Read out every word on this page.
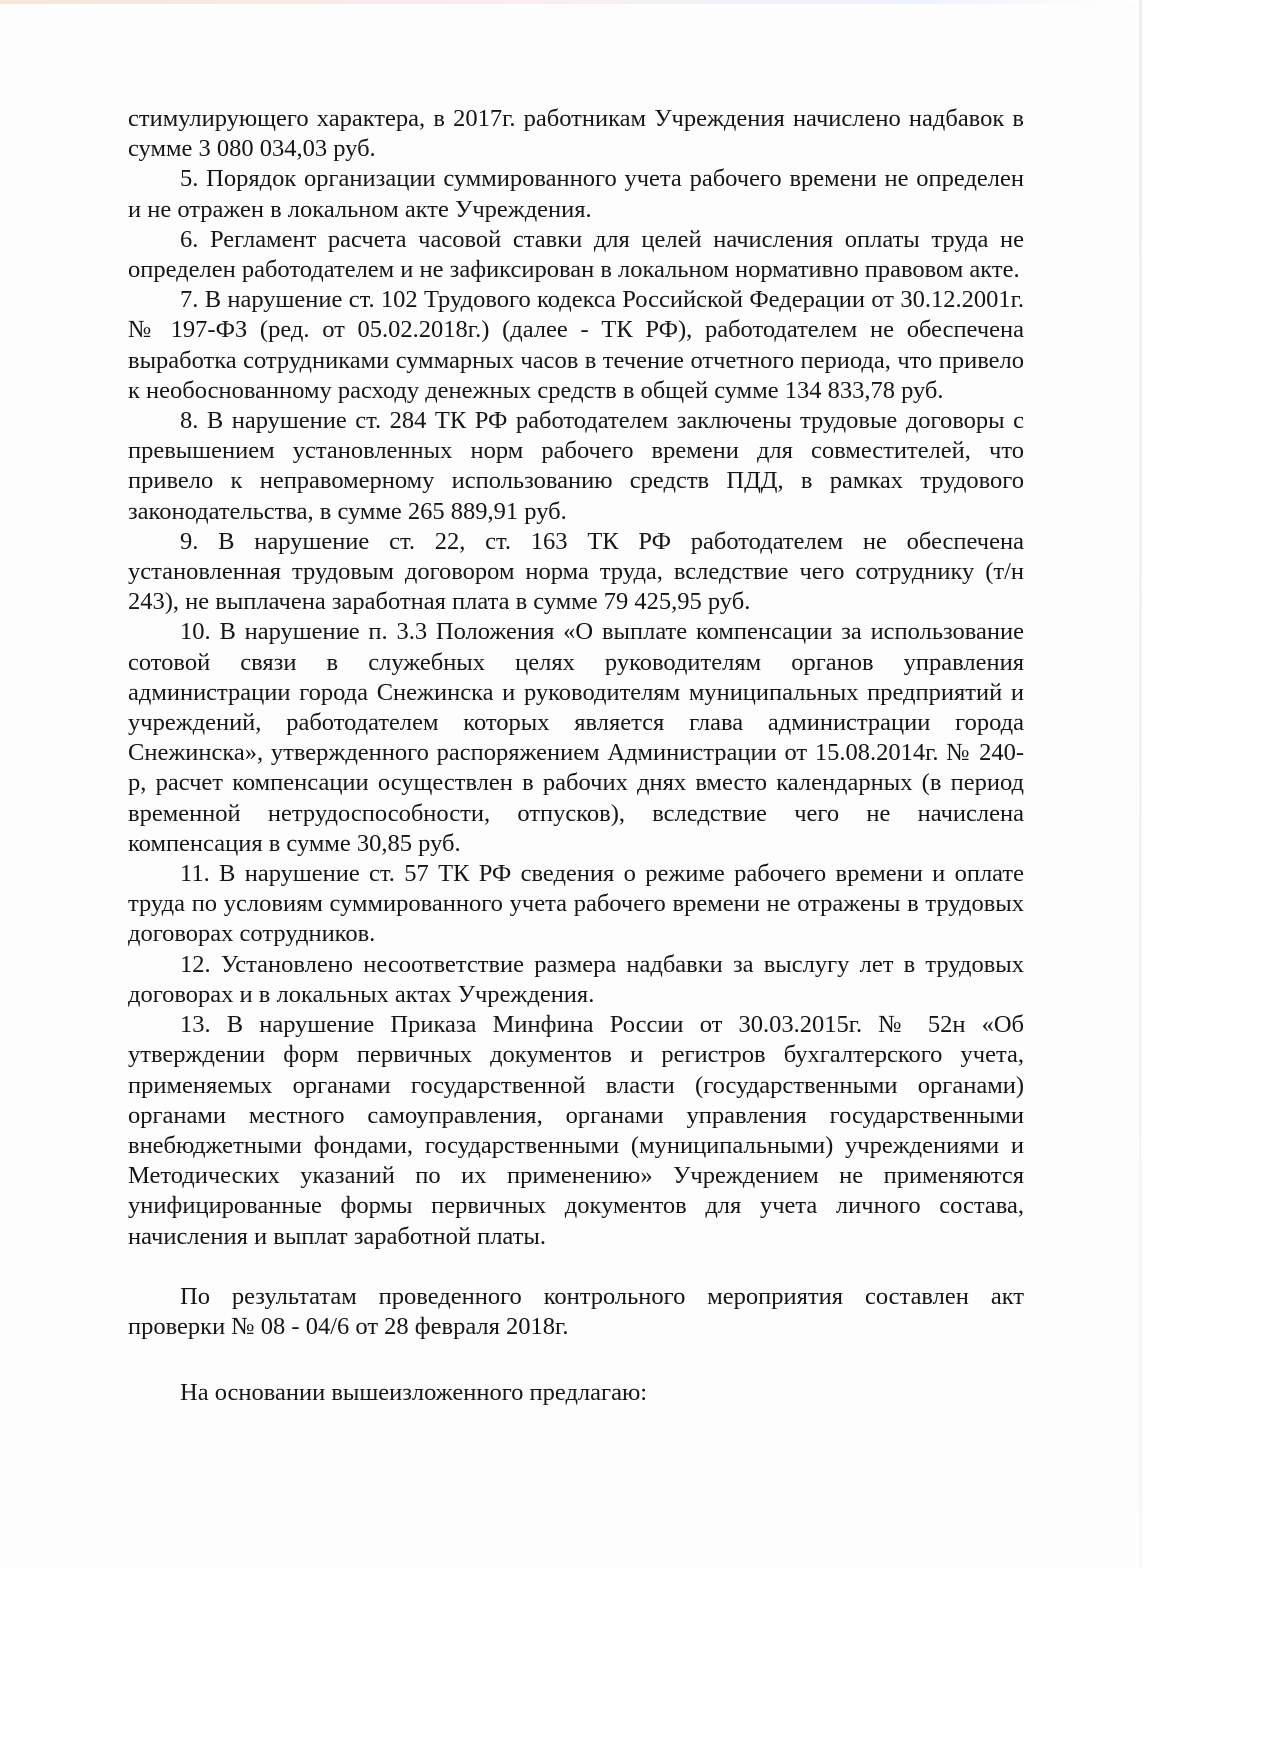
стимулирующего характера, в 2017г. работникам Учреждения начислено надбавок в сумме 3 080 034,03 руб.

5. Порядок организации суммированного учета рабочего времени не определен и не отражен в локальном акте Учреждения.

6. Регламент расчета часовой ставки для целей начисления оплаты труда не определен работодателем и не зафиксирован в локальном нормативно правовом акте.

7. В нарушение ст. 102 Трудового кодекса Российской Федерации от 30.12.2001г. № 197-ФЗ (ред. от 05.02.2018г.) (далее - ТК РФ), работодателем не обеспечена выработка сотрудниками суммарных часов в течение отчетного периода, что привело к необоснованному расходу денежных средств в общей сумме 134 833,78 руб.

8. В нарушение ст. 284 ТК РФ работодателем заключены трудовые договоры с превышением установленных норм рабочего времени для совместителей, что привело к неправомерному использованию средств ПДД, в рамках трудового законодательства, в сумме 265 889,91 руб.

9. В нарушение ст. 22, ст. 163 ТК РФ работодателем не обеспечена установленная трудовым договором норма труда, вследствие чего сотруднику (т/н 243), не выплачена заработная плата в сумме 79 425,95 руб.

10. В нарушение п. 3.3 Положения «О выплате компенсации за использование сотовой связи в служебных целях руководителям органов управления администрации города Снежинска и руководителям муниципальных предприятий и учреждений, работодателем которых является глава администрации города Снежинска», утвержденного распоряжением Администрации от 15.08.2014г. № 240-р, расчет компенсации осуществлен в рабочих днях вместо календарных (в период временной нетрудоспособности, отпусков), вследствие чего не начислена компенсация в сумме 30,85 руб.

11. В нарушение ст. 57 ТК РФ сведения о режиме рабочего времени и оплате труда по условиям суммированного учета рабочего времени не отражены в трудовых договорах сотрудников.

12. Установлено несоответствие размера надбавки за выслугу лет в трудовых договорах и в локальных актах Учреждения.

13. В нарушение Приказа Минфина России от 30.03.2015г. № 52н «Об утверждении форм первичных документов и регистров бухгалтерского учета, применяемых органами государственной власти (государственными органами) органами местного самоуправления, органами управления государственными внебюджетными фондами, государственными (муниципальными) учреждениями и Методических указаний по их применению» Учреждением не применяются унифицированные формы первичных документов для учета личного состава, начисления и выплат заработной платы.

По результатам проведенного контрольного мероприятия составлен акт проверки № 08 - 04/6 от 28 февраля 2018г.

На основании вышеизложенного предлагаю:
